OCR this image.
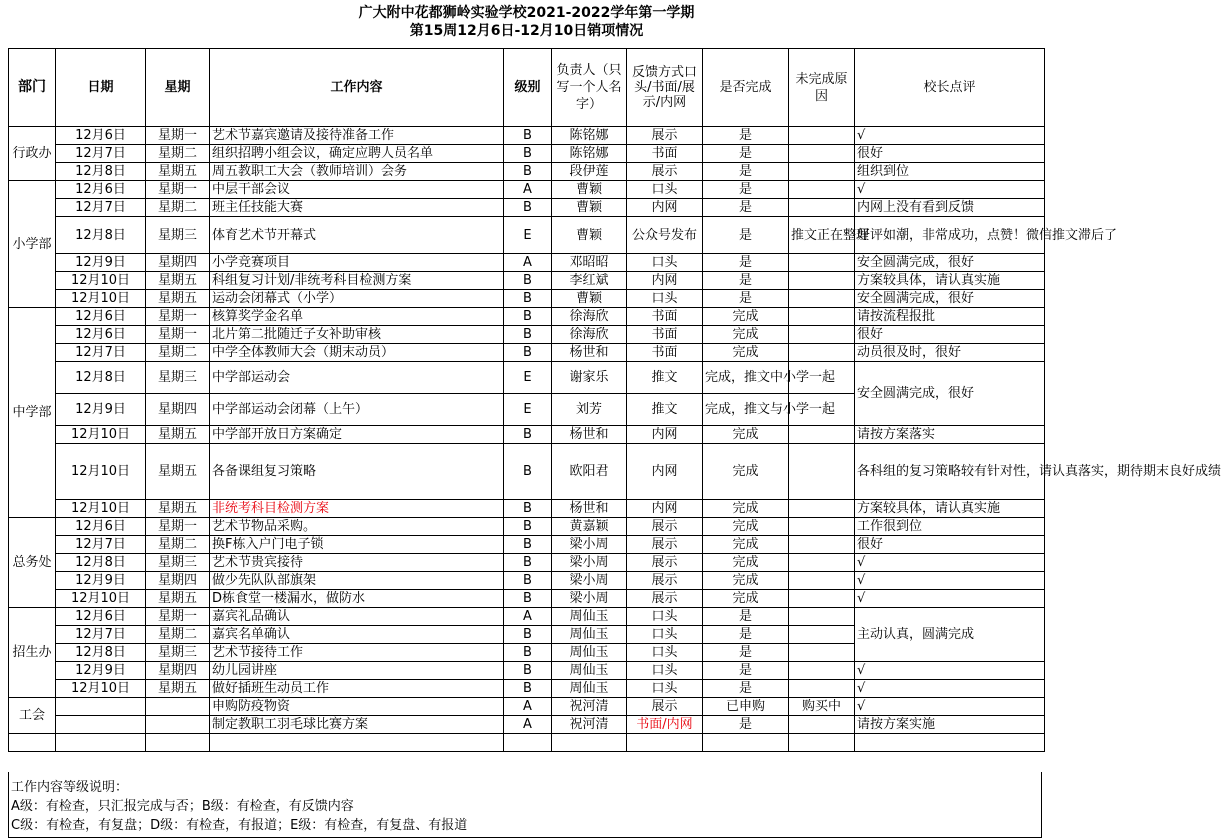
广大附中花都狮岭实验学校2021-2022学年第一学期
第15周12月6日-12月10日销项情况
部门	日期	星期	工作内容	级别	负责人（只写一个人名字）	反馈方式口头/书面/展示/内网	是否完成	未完成原因	校长点评
行政办	12月6日	星期一	艺术节嘉宾邀请及接待准备工作	B	陈铭娜	展示	是		√
	12月7日	星期二	组织招聘小组会议，确定应聘人员名单	B	陈铭娜	书面	是		很好
	12月8日	星期五	周五教职工大会（教师培训）会务	B	段伊莲	展示	是		组织到位
小学部	12月6日	星期一	中层干部会议	A	曹颖	口头	是		√
	12月7日	星期二	班主任技能大赛	B	曹颖	内网	是		内网上没有看到反馈
	12月8日	星期三	体育艺术节开幕式	E	曹颖	公众号发布	是	推文正在整理	好评如潮，非常成功，点赞！微信推文滞后了
	12月9日	星期四	小学竞赛项目	A	邓昭昭	口头	是		安全圆满完成，很好
	12月10日	星期五	科组复习计划/非统考科目检测方案	B	李红斌	内网	是		方案较具体，请认真实施
	12月10日	星期五	运动会闭幕式（小学）	B	曹颖	口头	是		安全圆满完成，很好
中学部	12月6日	星期一	核算奖学金名单	B	徐海欣	书面	完成		请按流程报批
	12月6日	星期一	北片第二批随迁子女补助审核	B	徐海欣	书面	完成		很好
	12月7日	星期二	中学全体教师大会（期末动员）	B	杨世和	书面	完成		动员很及时，很好
	12月8日	星期三	中学部运动会	E	谢家乐	推文	完成，推文中小学一起		安全圆满完成，很好
	12月9日	星期四	中学部运动会闭幕（上午）	E	刘芳	推文	完成，推文与小学一起		
	12月10日	星期五	中学部开放日方案确定	B	杨世和	内网	完成		请按方案落实
	12月10日	星期五	各备课组复习策略	B	欧阳君	内网	完成		各科组的复习策略较有针对性，请认真落实，期待期末良好成绩
	12月10日	星期五	非统考科目检测方案	B	杨世和	内网	完成		方案较具体，请认真实施
总务处	12月6日	星期一	艺术节物品采购。	B	黄嘉颖	展示	完成		工作很到位
	12月7日	星期二	换F栋入户门电子锁	B	梁小周	展示	完成		很好
	12月8日	星期三	艺术节贵宾接待	B	梁小周	展示	完成		√
	12月9日	星期四	做少先队队部旗架	B	梁小周	展示	完成		√
	12月10日	星期五	D栋食堂一楼漏水，做防水	B	梁小周	展示	完成		√
招生办	12月6日	星期一	嘉宾礼品确认	A	周仙玉	口头	是		主动认真，圆满完成
	12月7日	星期二	嘉宾名单确认	B	周仙玉	口头	是		
	12月8日	星期三	艺术节接待工作	B	周仙玉	口头	是		
	12月9日	星期四	幼儿园讲座	B	周仙玉	口头	是		√
	12月10日	星期五	做好插班生动员工作	B	周仙玉	口头	是		√
工会			申购防疫物资	A	祝河清	展示	已申购	购买中	√
			制定教职工羽毛球比赛方案	A	祝河清	书面/内网	是		请按方案实施

工作内容等级说明：
A级：有检查，只汇报完成与否；B级：有检查，有反馈内容
C级：有检查，有复盘；D级：有检查，有报道；E级：有检查，有复盘、有报道
